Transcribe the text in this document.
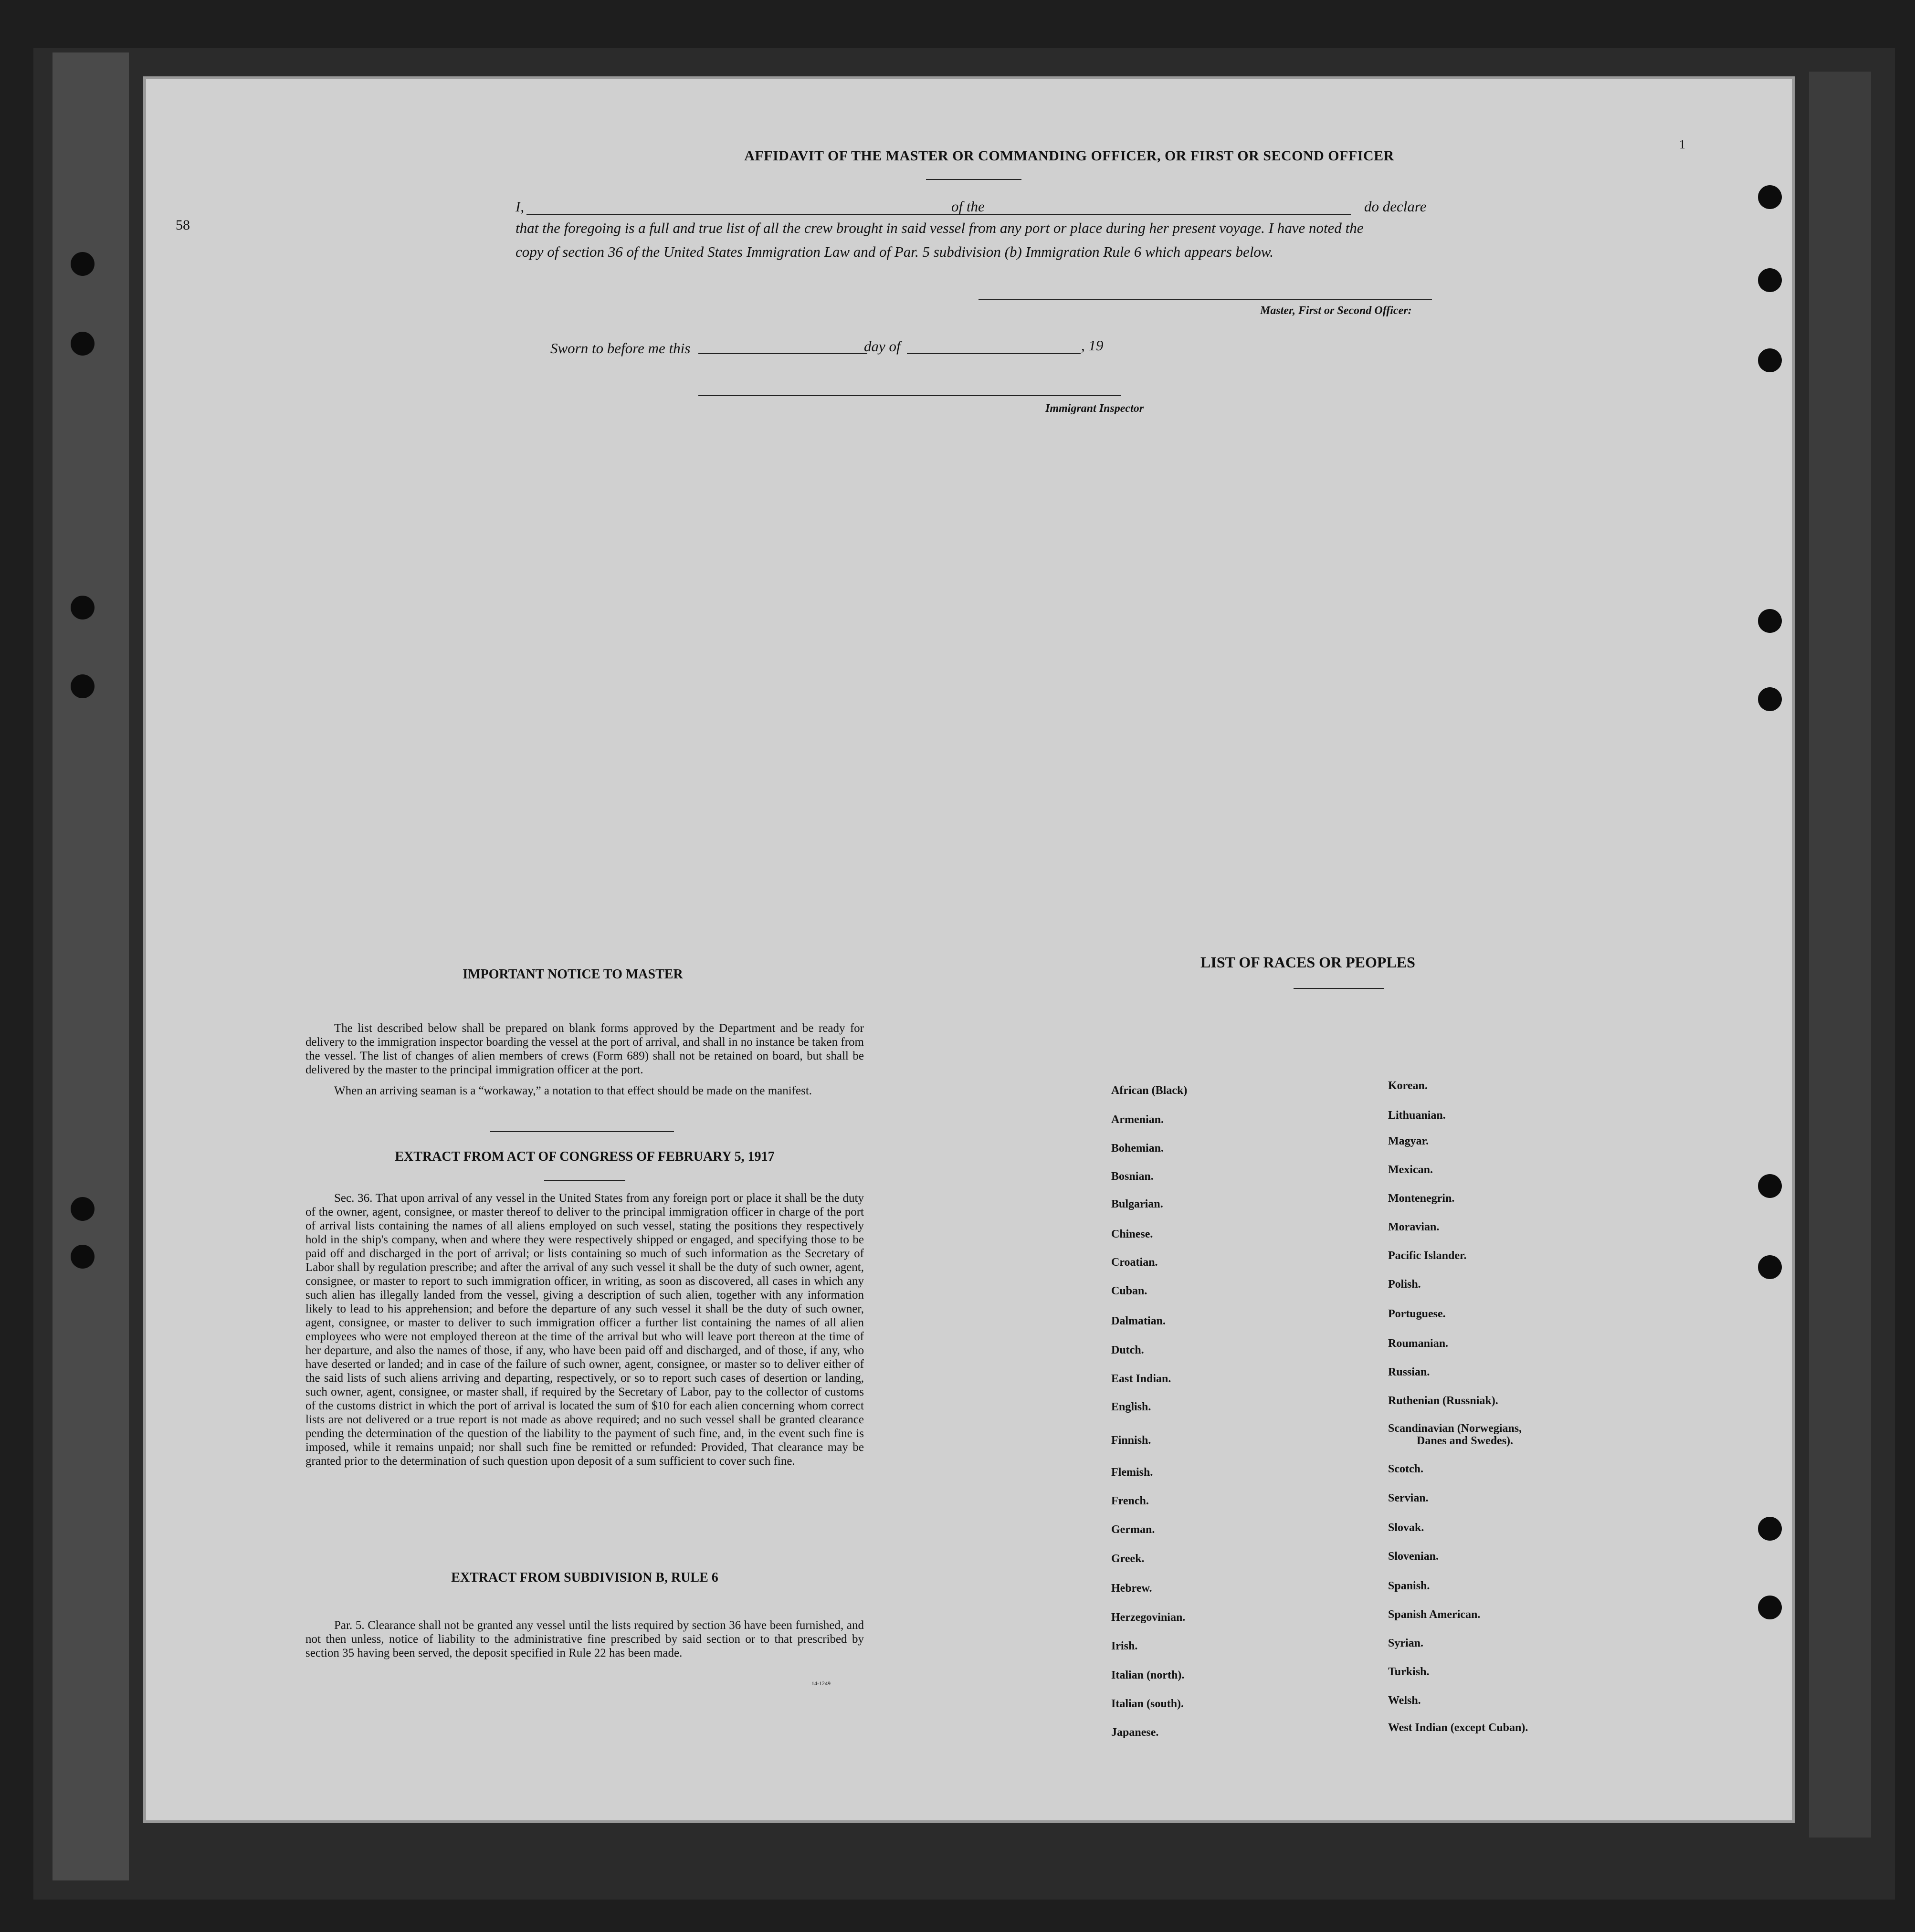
58
1
AFFIDAVIT OF THE MASTER OR COMMANDING OFFICER, OR FIRST OR SECOND OFFICER
I,	of the	do declare
that the foregoing is a full and true list of all the crew brought in said vessel from any port or place during her present voyage. I have noted the
copy of section 36 of the United States Immigration Law and of Par. 5 subdivision (b) Immigration Rule 6 which appears below.
Master, First or Second Officer:
Sworn to before me this	day of	, 19
Immigrant Inspector
IMPORTANT NOTICE TO MASTER
The list described below shall be prepared on blank forms approved by the Department and be ready for delivery to the immigration inspector boarding the vessel at the port of arrival, and shall in no instance be taken from the vessel. The list of changes of alien members of crews (Form 689) shall not be retained on board, but shall be delivered by the master to the principal immigration officer at the port.
When an arriving seaman is a “workaway,” a notation to that effect should be made on the manifest.
EXTRACT FROM ACT OF CONGRESS OF FEBRUARY 5, 1917
Sec. 36. That upon arrival of any vessel in the United States from any foreign port or place it shall be the duty of the owner, agent, consignee, or master thereof to deliver to the principal immigration officer in charge of the port of arrival lists containing the names of all aliens employed on such vessel, stating the positions they respectively hold in the ship's company, when and where they were respectively shipped or engaged, and specifying those to be paid off and discharged in the port of arrival; or lists containing so much of such information as the Secretary of Labor shall by regulation prescribe; and after the arrival of any such vessel it shall be the duty of such owner, agent, consignee, or master to report to such immigration officer, in writing, as soon as discovered, all cases in which any such alien has illegally landed from the vessel, giving a description of such alien, together with any information likely to lead to his apprehension; and before the departure of any such vessel it shall be the duty of such owner, agent, consignee, or master to deliver to such immigration officer a further list containing the names of all alien employees who were not employed thereon at the time of the arrival but who will leave port thereon at the time of her departure, and also the names of those, if any, who have been paid off and discharged, and of those, if any, who have deserted or landed; and in case of the failure of such owner, agent, consignee, or master so to deliver either of the said lists of such aliens arriving and departing, respectively, or so to report such cases of desertion or landing, such owner, agent, consignee, or master shall, if required by the Secretary of Labor, pay to the collector of customs of the customs district in which the port of arrival is located the sum of $10 for each alien concerning whom correct lists are not delivered or a true report is not made as above required; and no such vessel shall be granted clearance pending the determination of the question of the liability to the payment of such fine, and, in the event such fine is imposed, while it remains unpaid; nor shall such fine be remitted or refunded: Provided, That clearance may be granted prior to the determination of such question upon deposit of a sum sufficient to cover such fine.
EXTRACT FROM SUBDIVISION B, RULE 6
Par. 5. Clearance shall not be granted any vessel until the lists required by section 36 have been furnished, and not then unless, notice of liability to the administrative fine prescribed by said section or to that prescribed by section 35 having been served, the deposit specified in Rule 22 has been made.
14-1249
LIST OF RACES OR PEOPLES
African (Black)
Armenian.
Bohemian.
Bosnian.
Bulgarian.
Chinese.
Croatian.
Cuban.
Dalmatian.
Dutch.
East Indian.
English.
Finnish.
Flemish.
French.
German.
Greek.
Hebrew.
Herzegovinian.
Irish.
Italian (north).
Italian (south).
Japanese.
Korean.
Lithuanian.
Magyar.
Mexican.
Montenegrin.
Moravian.
Pacific Islander.
Polish.
Portuguese.
Roumanian.
Russian.
Ruthenian (Russniak).
Scandinavian (Norwegians,
Danes and Swedes).
Scotch.
Servian.
Slovak.
Slovenian.
Spanish.
Spanish American.
Syrian.
Turkish.
Welsh.
West Indian (except Cuban).
